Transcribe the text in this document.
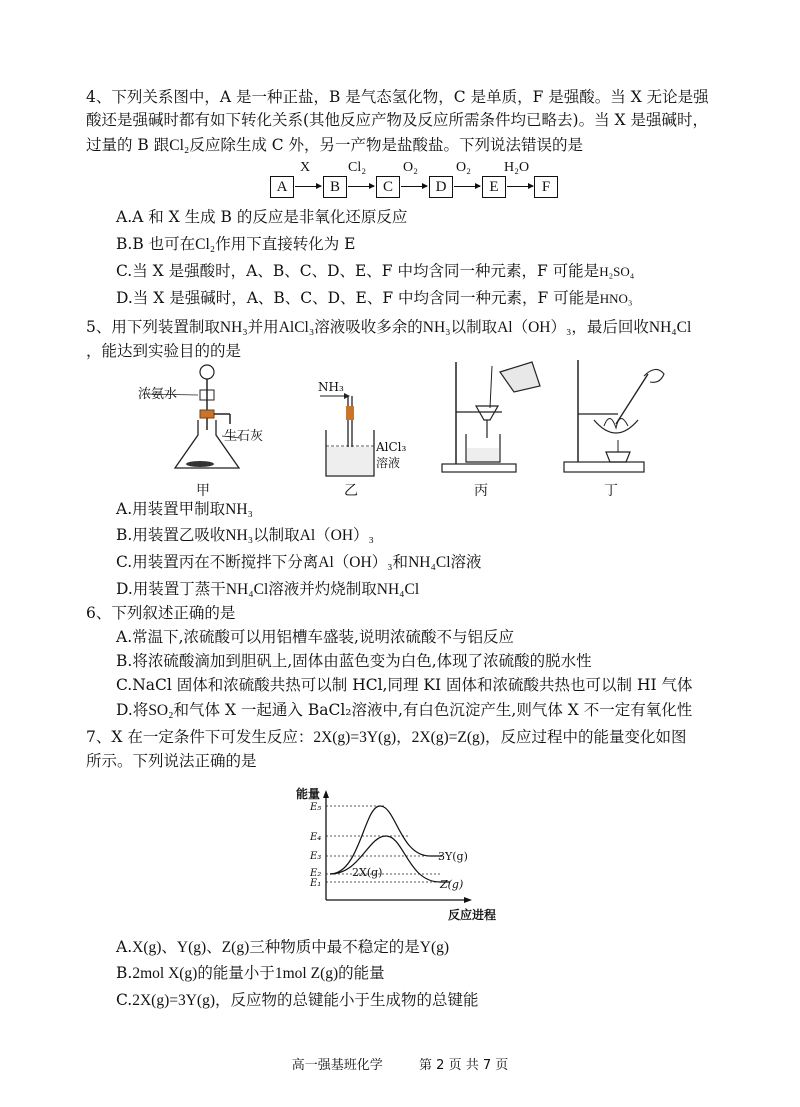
4、下列关系图中，A 是一种正盐，B 是气态氢化物，C 是单质，F 是强酸。当 X 无论是强
酸还是强碱时都有如下转化关系(其他反应产物及反应所需条件均已略去)。当 X 是强碱时，
过量的 B 跟Cl₂反应除生成 C 外，另一产物是盐酸盐。下列说法错误的是
A
X
B
Cl₂
C
O₂
D
O₂
E
H₂O
F
A.A 和 X 生成 B 的反应是非氧化还原反应
B.B 也可在Cl₂作用下直接转化为 E
C.当 X 是强酸时，A、B、C、D、E、F 中均含同一种元素，F 可能是H₂SO₄
D.当 X 是强碱时，A、B、C、D、E、F 中均含同一种元素，F 可能是HNO₃
5、用下列装置制取NH₃并用AlCl₃溶液吸收多余的NH₃以制取Al（OH）₃，最后回收NH₄Cl
，能达到实验目的的是
浓氨水
生石灰
NH₃
AlCl₃
溶液
甲	乙	丙	丁
A.用装置甲制取NH₃
B.用装置乙吸收NH₃以制取Al（OH）₃
C.用装置丙在不断搅拌下分离Al（OH）₃和NH₄Cl溶液
D.用装置丁蒸干NH₄Cl溶液并灼烧制取NH₄Cl
6、下列叙述正确的是
A.常温下,浓硫酸可以用铝槽车盛装,说明浓硫酸不与铝反应
B.将浓硫酸滴加到胆矾上,固体由蓝色变为白色,体现了浓硫酸的脱水性
C.NaCl 固体和浓硫酸共热可以制 HCl,同理 KI 固体和浓硫酸共热也可以制 HI 气体
D.将SO₂和气体 X 一起通入 BaCl₂溶液中,有白色沉淀产生,则气体 X 不一定有氧化性
7、X 在一定条件下可发生反应：2X(g)=3Y(g)，2X(g)=Z(g)，反应过程中的能量变化如图
所示。下列说法正确的是
能量
E₅
E₄
E₃
E₂
E₁
3Y(g)
2X(g)
Z(g)
反应进程
A.X(g)、Y(g)、Z(g)三种物质中最不稳定的是Y(g)
B.2mol X(g)的能量小于1mol Z(g)的能量
C.2X(g)=3Y(g)，反应物的总键能小于生成物的总键能
高一强基班化学	第 2 页 共 7 页
